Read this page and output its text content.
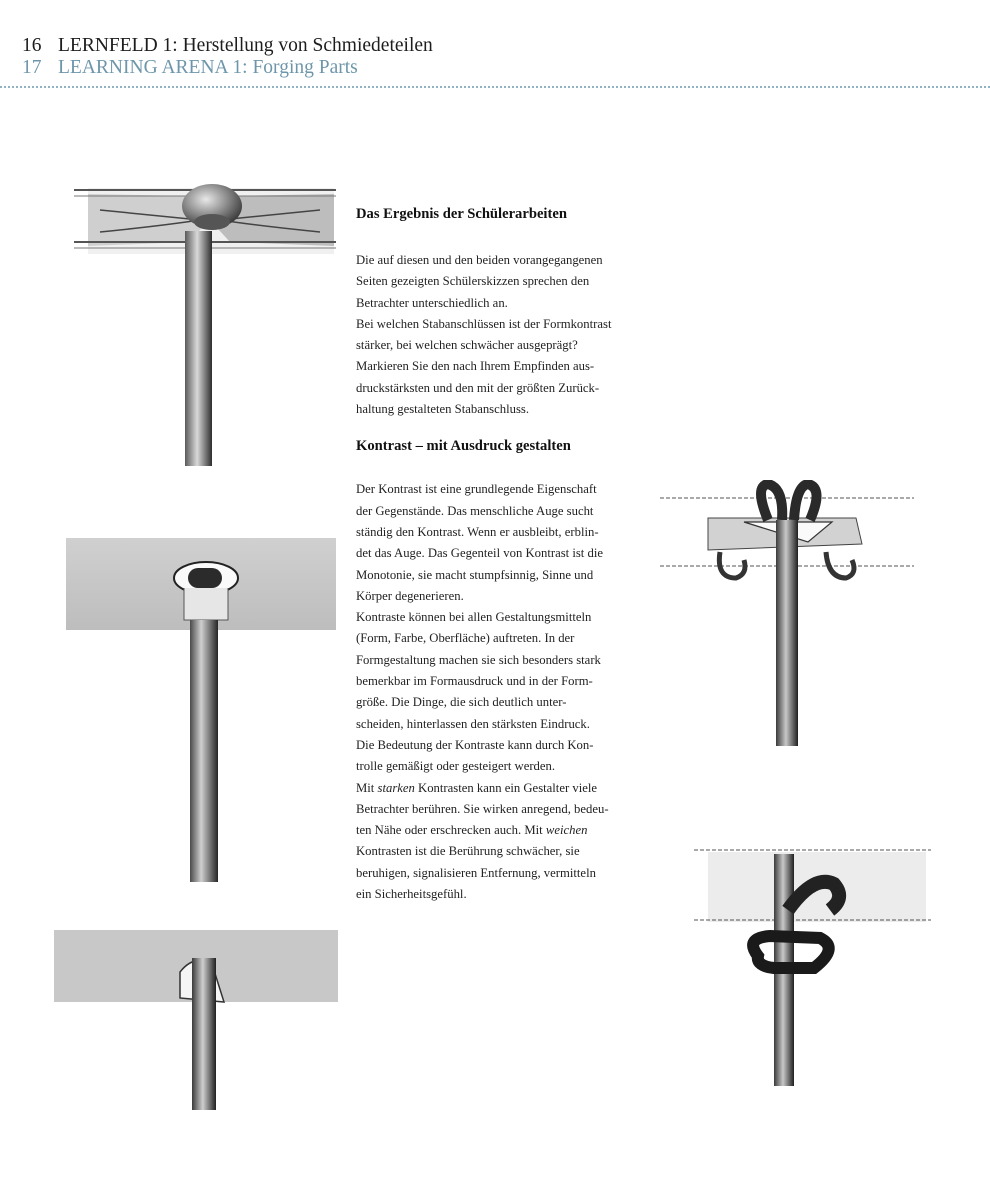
16 LERNFELD 1: Herstellung von Schmiedeteilen
17 LEARNING ARENA 1: Forging Parts
Das Ergebnis der Schülerarbeiten

Die auf diesen und den beiden vorangegangenen
Seiten gezeigten Schülerskizzen sprechen den
Betrachter unterschiedlich an.
Bei welchen Stabanschlüssen ist der Formkontrast
stärker, bei welchen schwächer ausgeprägt?
Markieren Sie den nach Ihrem Empfinden aus-
druckstärksten und den mit der größten Zurück-
haltung gestalteten Stabanschluss.

Kontrast – mit Ausdruck gestalten

Der Kontrast ist eine grundlegende Eigenschaft
der Gegenstände. Das menschliche Auge sucht
ständig den Kontrast. Wenn er ausbleibt, erblin-
det das Auge. Das Gegenteil von Kontrast ist die
Monotonie, sie macht stumpfsinnig, Sinne und
Körper degenerieren.
Kontraste können bei allen Gestaltungsmitteln
(Form, Farbe, Oberfläche) auftreten. In der
Formgestaltung machen sie sich besonders stark
bemerkbar im Formausdruck und in der Form-
größe. Die Dinge, die sich deutlich unter-
scheiden, hinterlassen den stärksten Eindruck.
Die Bedeutung der Kontraste kann durch Kon-
trolle gemäßigt oder gesteigert werden.
Mit starken Kontrasten kann ein Gestalter viele
Betrachter berühren. Sie wirken anregend, bedeu-
ten Nähe oder erschrecken auch. Mit weichen
Kontrasten ist die Berührung schwächer, sie
beruhigen, signalisieren Entfernung, vermitteln
ein Sicherheitsgefühl.
